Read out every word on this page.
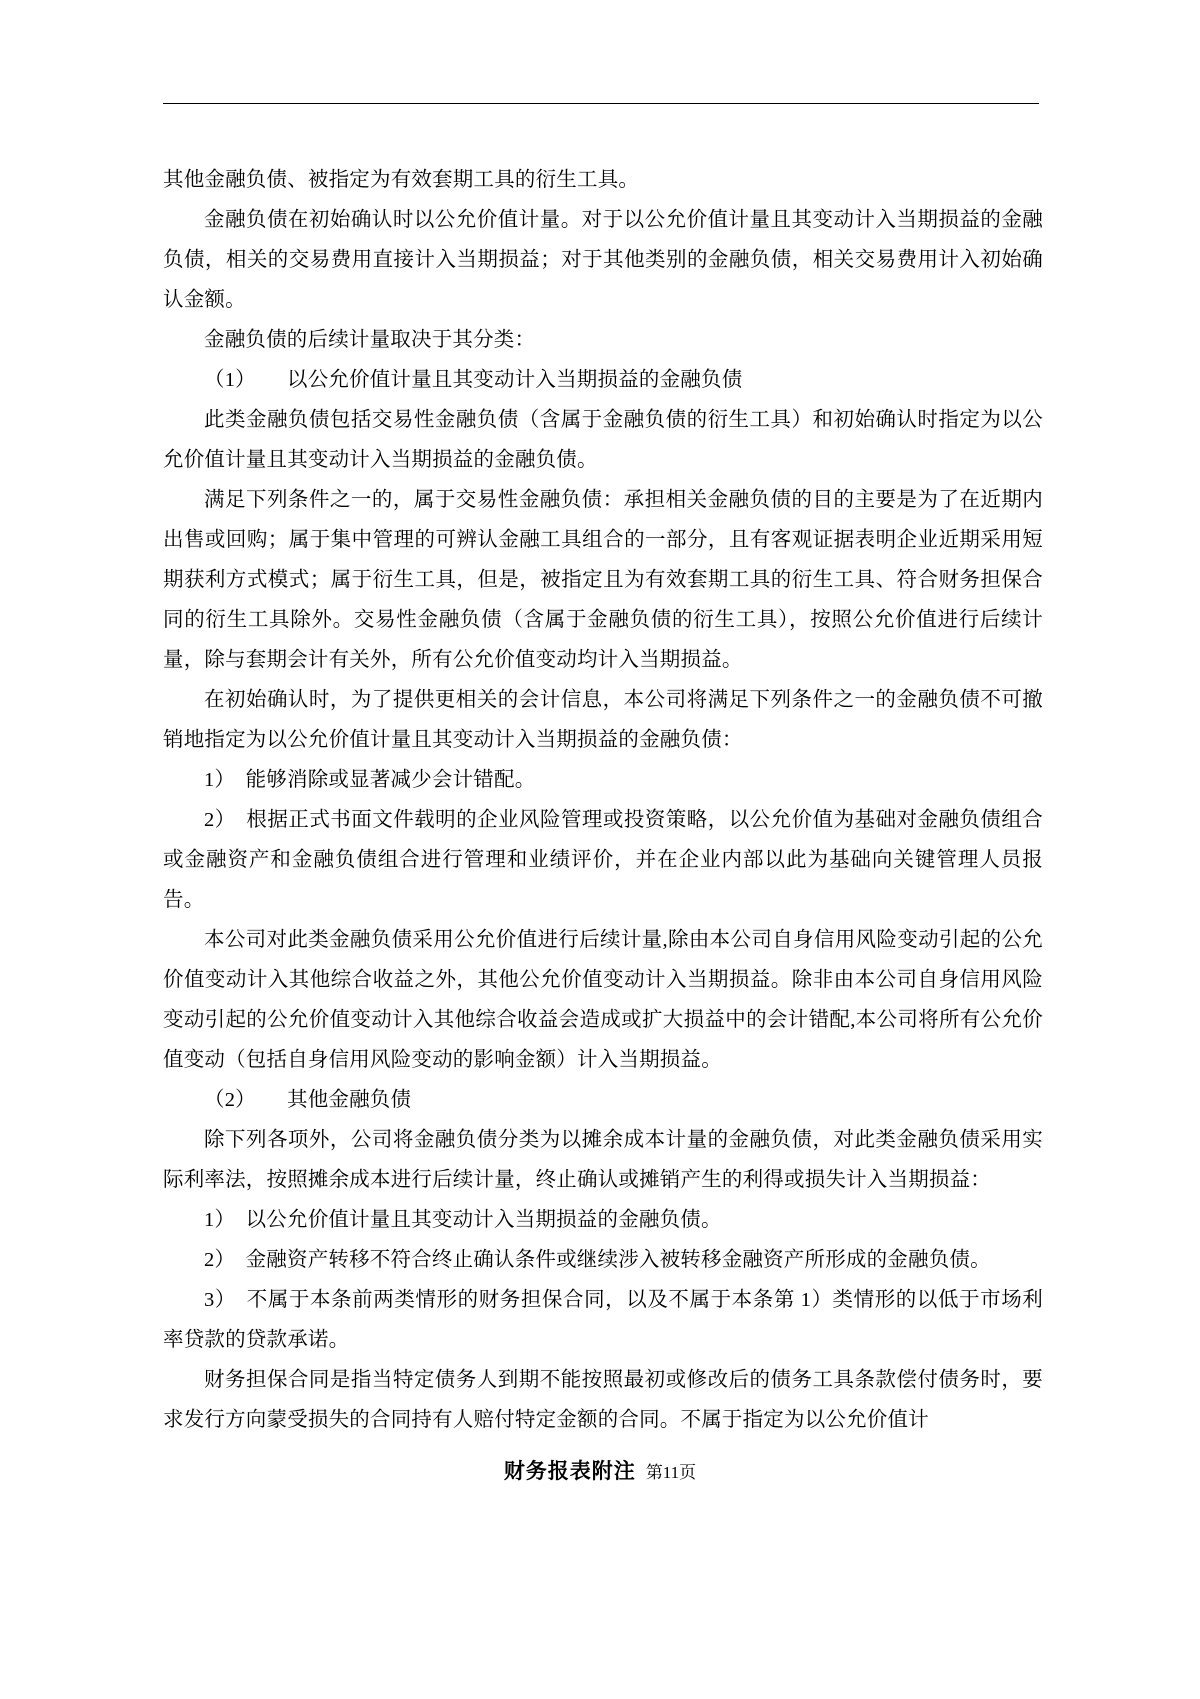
其他金融负债、被指定为有效套期工具的衍生工具。

金融负债在初始确认时以公允价值计量。对于以公允价值计量且其变动计入当期损益的金融负债，相关的交易费用直接计入当期损益；对于其他类别的金融负债，相关交易费用计入初始确认金额。

金融负债的后续计量取决于其分类：

（1）　　以公允价值计量且其变动计入当期损益的金融负债

此类金融负债包括交易性金融负债（含属于金融负债的衍生工具）和初始确认时指定为以公允价值计量且其变动计入当期损益的金融负债。

满足下列条件之一的，属于交易性金融负债：承担相关金融负债的目的主要是为了在近期内出售或回购；属于集中管理的可辨认金融工具组合的一部分，且有客观证据表明企业近期采用短期获利方式模式；属于衍生工具，但是，被指定且为有效套期工具的衍生工具、符合财务担保合同的衍生工具除外。交易性金融负债（含属于金融负债的衍生工具），按照公允价值进行后续计量，除与套期会计有关外，所有公允价值变动均计入当期损益。

在初始确认时，为了提供更相关的会计信息，本公司将满足下列条件之一的金融负债不可撤销地指定为以公允价值计量且其变动计入当期损益的金融负债：

1）　能够消除或显著减少会计错配。

2）　根据正式书面文件载明的企业风险管理或投资策略，以公允价值为基础对金融负债组合或金融资产和金融负债组合进行管理和业绩评价，并在企业内部以此为基础向关键管理人员报告。

本公司对此类金融负债采用公允价值进行后续计量,除由本公司自身信用风险变动引起的公允价值变动计入其他综合收益之外，其他公允价值变动计入当期损益。除非由本公司自身信用风险变动引起的公允价值变动计入其他综合收益会造成或扩大损益中的会计错配,本公司将所有公允价值变动（包括自身信用风险变动的影响金额）计入当期损益。

（2）　　其他金融负债

除下列各项外，公司将金融负债分类为以摊余成本计量的金融负债，对此类金融负债采用实际利率法，按照摊余成本进行后续计量，终止确认或摊销产生的利得或损失计入当期损益：

1）　以公允价值计量且其变动计入当期损益的金融负债。

2）　金融资产转移不符合终止确认条件或继续涉入被转移金融资产所形成的金融负债。

3）　不属于本条前两类情形的财务担保合同，以及不属于本条第 1）类情形的以低于市场利率贷款的贷款承诺。

财务担保合同是指当特定债务人到期不能按照最初或修改后的债务工具条款偿付债务时，要求发行方向蒙受损失的合同持有人赔付特定金额的合同。不属于指定为以公允价值计

财务报表附注 第11页
